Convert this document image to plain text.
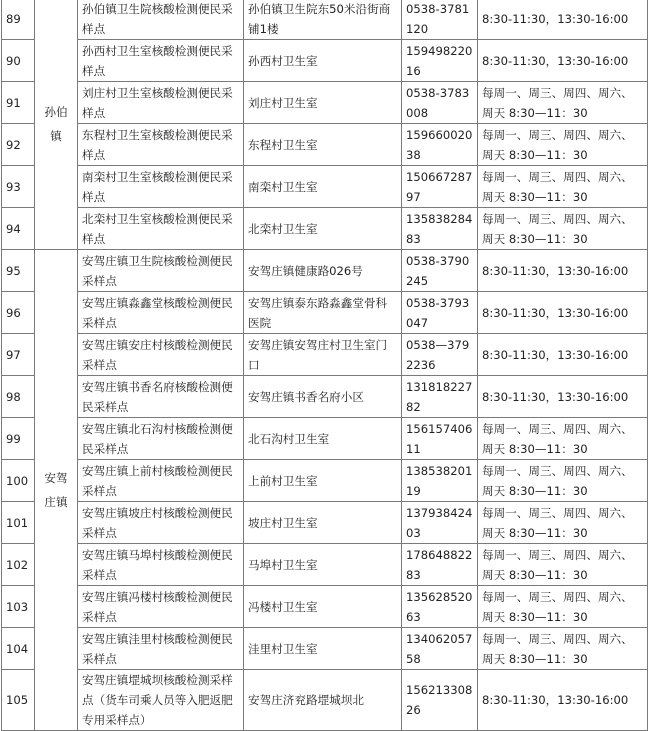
89	孙伯镇	孙伯镇卫生院核酸检测便民采样点	孙伯镇卫生院东50米沿街商铺1楼	0538-3781120	8:30-11:30，13:30-16:00
90		孙西村卫生室核酸检测便民采样点	孙西村卫生室	15949822016	8:30-11:30，13:30-16:00
91		刘庄村卫生室核酸检测便民采样点	刘庄村卫生室	0538-3783008	每周一、周三、周四、周六、周天 8:30—11：30
92		东程村卫生室核酸检测便民采样点	东程村卫生室	15966002038	每周一、周三、周四、周六、周天 8:30—11：30
93		南栾村卫生室核酸检测便民采样点	南栾村卫生室	15066728797	每周一、周三、周四、周六、周天 8:30—11：30
94		北栾村卫生室核酸检测便民采样点	北栾村卫生室	13583828483	每周一、周三、周四、周六、周天 8:30—11：30
95	安驾庄镇	安驾庄镇卫生院核酸检测便民采样点	安驾庄镇健康路026号	0538-3790245	8:30-11:30，13:30-16:00
96		安驾庄镇淼鑫堂核酸检测便民采样点	安驾庄镇泰东路淼鑫堂骨科医院	0538-3793047	8:30-11:30，13:30-16:00
97		安驾庄镇安庄村核酸检测便民采样点	安驾庄镇安驾庄村卫生室门口	0538—3792236	8:30-11:30，13:30-16:00
98		安驾庄镇书香名府核酸检测便民采样点	安驾庄镇书香名府小区	13181822782	8:30-11:30，13:30-16:00
99		安驾庄镇北石沟村核酸检测便民采样点	北石沟村卫生室	15615740611	每周一、周三、周四、周六、周天 8:30—11：30
100		安驾庄镇上前村核酸检测便民采样点	上前村卫生室	13853820119	每周一、周三、周四、周六、周天 8:30—11：30
101		安驾庄镇坡庄村核酸检测便民采样点	坡庄村卫生室	13793842403	每周一、周三、周四、周六、周天 8:30—11：30
102		安驾庄镇马埠村核酸检测便民采样点	马埠村卫生室	17864882283	每周一、周三、周四、周六、周天 8:30—11：30
103		安驾庄镇冯楼村核酸检测便民采样点	冯楼村卫生室	13562852063	每周一、周三、周四、周六、周天 8:30—11：30
104		安驾庄镇洼里村核酸检测便民采样点	洼里村卫生室	13406205758	每周一、周三、周四、周六、周天 8:30—11：30
105		安驾庄镇堽城坝核酸检测采样点（货车司乘人员等入肥返肥专用采样点）	安驾庄济兖路堽城坝北	15621330826	8:30-11:30，13:30-16:00
